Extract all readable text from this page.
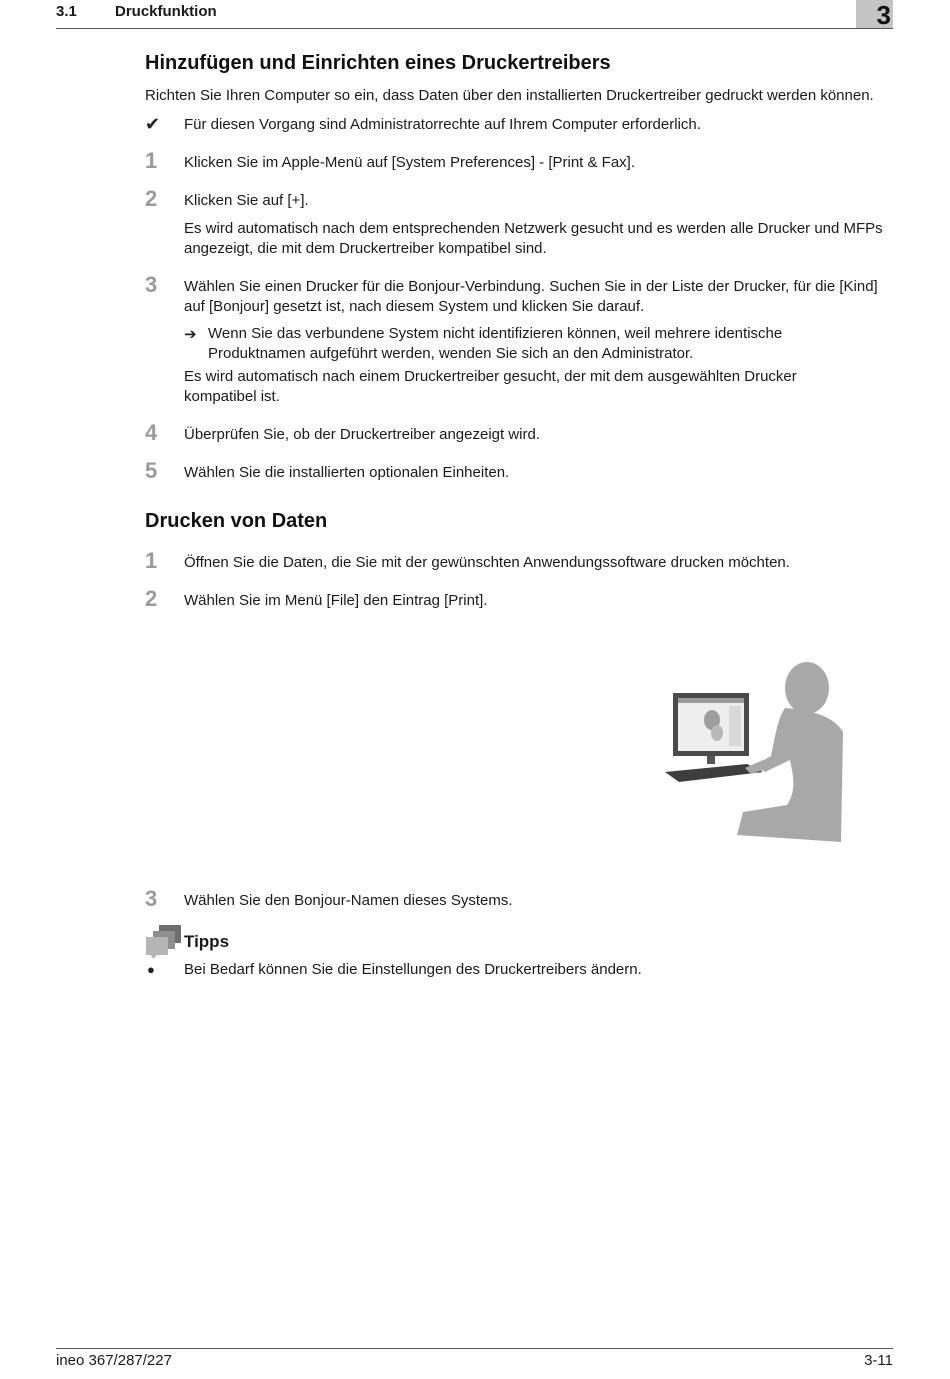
3.1	Druckfunktion	3
Hinzufügen und Einrichten eines Druckertreibers
Richten Sie Ihren Computer so ein, dass Daten über den installierten Druckertreiber gedruckt werden können.
✔ Für diesen Vorgang sind Administratorrechte auf Ihrem Computer erforderlich.
1 Klicken Sie im Apple-Menü auf [System Preferences] - [Print & Fax].
2 Klicken Sie auf [+].
Es wird automatisch nach dem entsprechenden Netzwerk gesucht und es werden alle Drucker und MFPs angezeigt, die mit dem Druckertreiber kompatibel sind.
3 Wählen Sie einen Drucker für die Bonjour-Verbindung. Suchen Sie in der Liste der Drucker, für die [Kind] auf [Bonjour] gesetzt ist, nach diesem System und klicken Sie darauf.
➔ Wenn Sie das verbundene System nicht identifizieren können, weil mehrere identische Produktnamen aufgeführt werden, wenden Sie sich an den Administrator.
Es wird automatisch nach einem Druckertreiber gesucht, der mit dem ausgewählten Drucker kompatibel ist.
4 Überprüfen Sie, ob der Druckertreiber angezeigt wird.
5 Wählen Sie die installierten optionalen Einheiten.
Drucken von Daten
1 Öffnen Sie die Daten, die Sie mit der gewünschten Anwendungssoftware drucken möchten.
2 Wählen Sie im Menü [File] den Eintrag [Print].
3 Wählen Sie den Bonjour-Namen dieses Systems.
Tipps
● Bei Bedarf können Sie die Einstellungen des Druckertreibers ändern.
ineo 367/287/227	3-11
